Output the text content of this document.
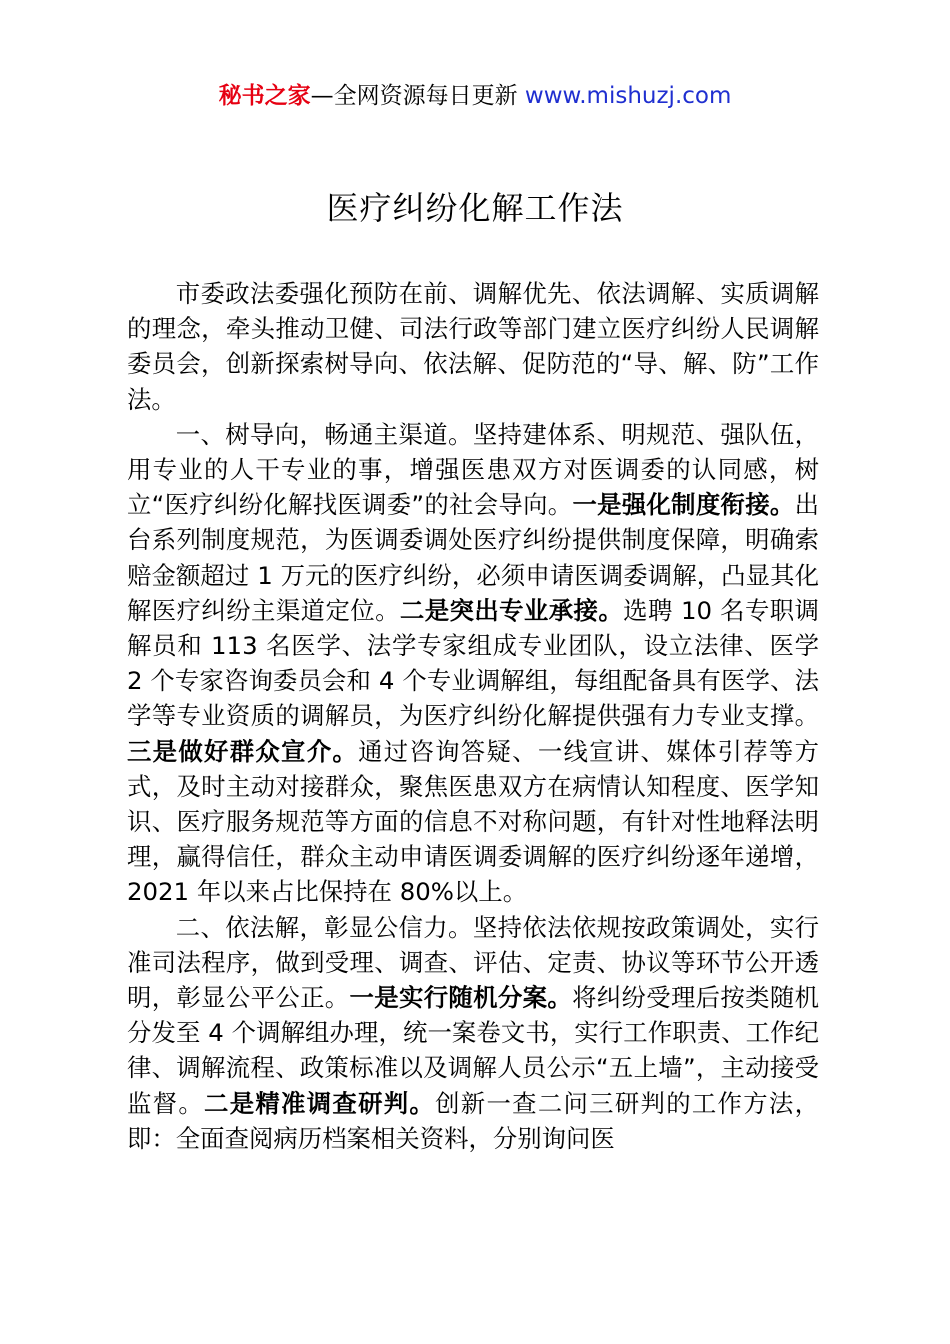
秘书之家—全网资源每日更新 www.mishuzj.com
医疗纠纷化解工作法

市委政法委强化预防在前、调解优先、依法调解、实质调解的理念，牵头推动卫健、司法行政等部门建立医疗纠纷人民调解委员会，创新探索树导向、依法解、促防范的“导、解、防”工作法。

一、树导向，畅通主渠道。坚持建体系、明规范、强队伍，用专业的人干专业的事，增强医患双方对医调委的认同感，树立“医疗纠纷化解找医调委”的社会导向。一是强化制度衔接。出台系列制度规范，为医调委调处医疗纠纷提供制度保障，明确索赔金额超过 1 万元的医疗纠纷，必须申请医调委调解，凸显其化解医疗纠纷主渠道定位。二是突出专业承接。选聘 10 名专职调解员和 113 名医学、法学专家组成专业团队，设立法律、医学 2 个专家咨询委员会和 4 个专业调解组，每组配备具有医学、法学等专业资质的调解员，为医疗纠纷化解提供强有力专业支撑。三是做好群众宣介。通过咨询答疑、一线宣讲、媒体引荐等方式，及时主动对接群众，聚焦医患双方在病情认知程度、医学知识、医疗服务规范等方面的信息不对称问题，有针对性地释法明理，赢得信任，群众主动申请医调委调解的医疗纠纷逐年递增，2021 年以来占比保持在 80%以上。

二、依法解，彰显公信力。坚持依法依规按政策调处，实行准司法程序，做到受理、调查、评估、定责、协议等环节公开透明，彰显公平公正。一是实行随机分案。将纠纷受理后按类随机分发至 4 个调解组办理，统一案卷文书，实行工作职责、工作纪律、调解流程、政策标准以及调解人员公示“五上墙”，主动接受监督。二是精准调查研判。创新一查二问三研判的工作方法，即：全面查阅病历档案相关资料，分别询问医
